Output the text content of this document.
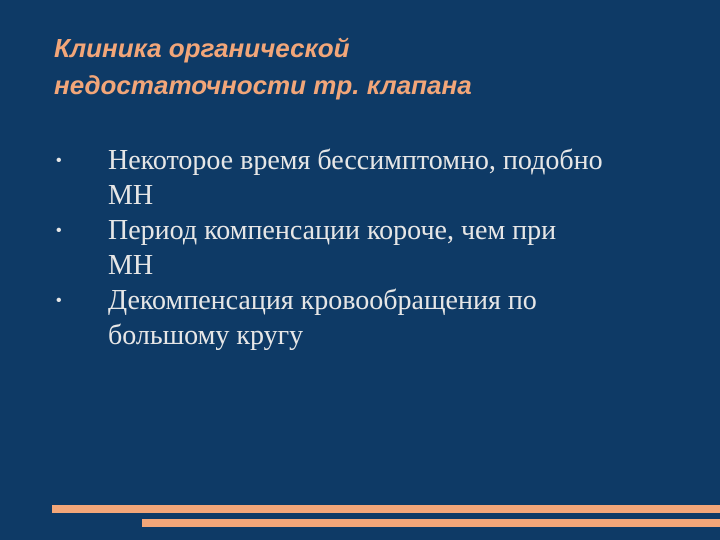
Клиника органической
недостаточности тр. клапана
• Некоторое время бессимптомно, подобно
МН
• Период компенсации короче, чем при
МН
• Декомпенсация кровообращения по
большому кругу
